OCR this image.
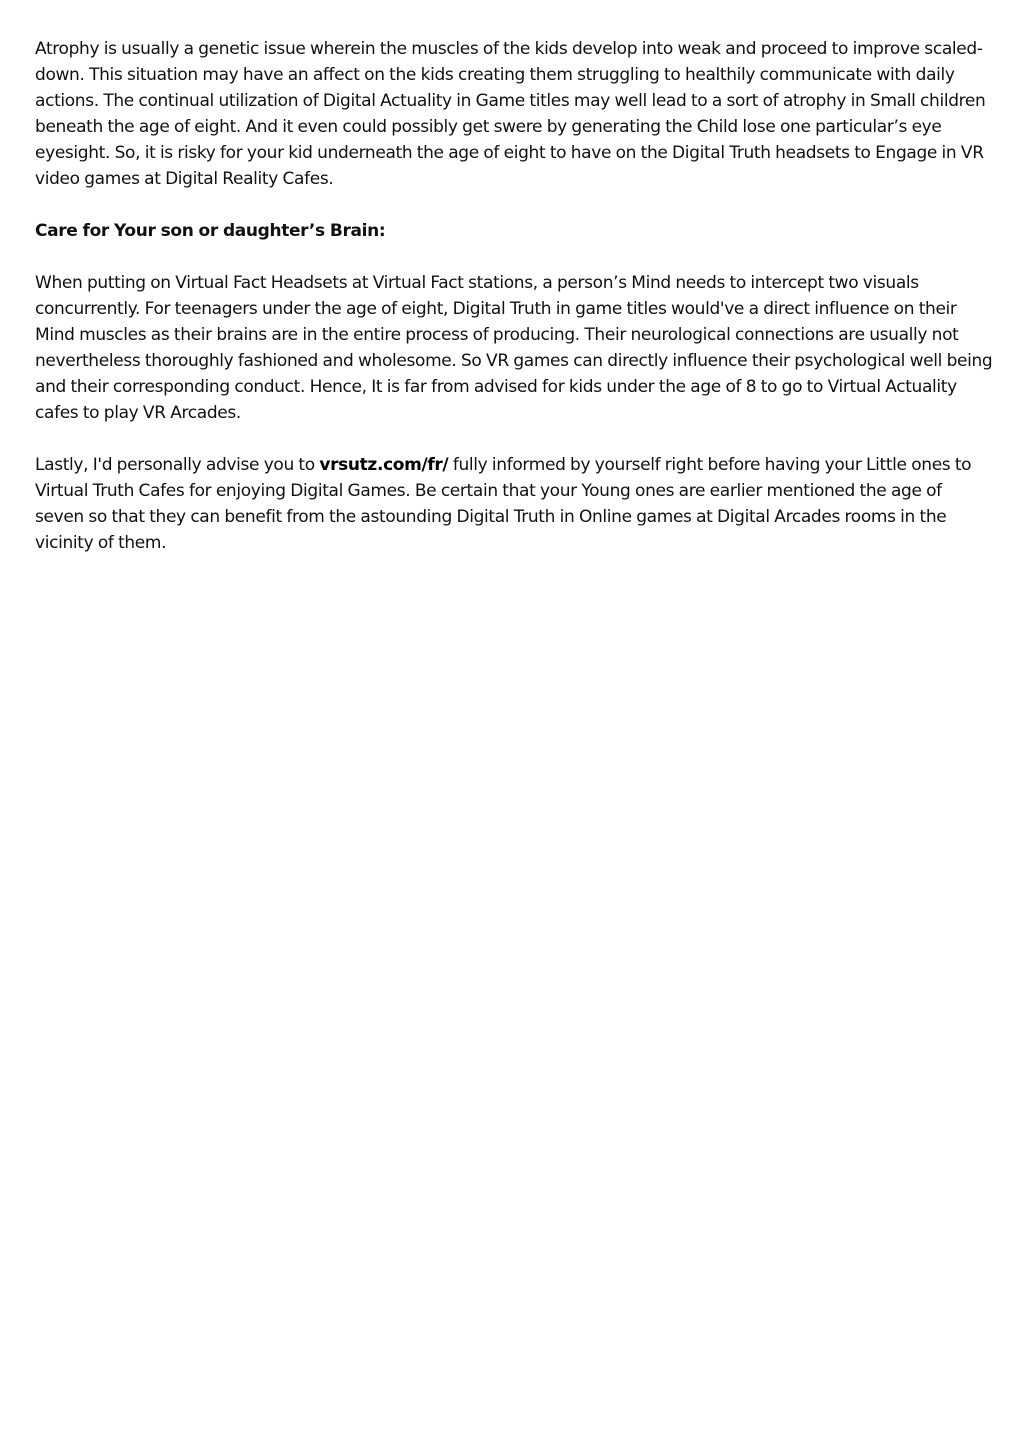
Atrophy is usually a genetic issue wherein the muscles of the kids develop into weak and proceed to improve scaled-down. This situation may have an affect on the kids creating them struggling to healthily communicate with daily actions. The continual utilization of Digital Actuality in Game titles may well lead to a sort of atrophy in Small children beneath the age of eight. And it even could possibly get swere by generating the Child lose one particular’s eye eyesight. So, it is risky for your kid underneath the age of eight to have on the Digital Truth headsets to Engage in VR video games at Digital Reality Cafes.

Care for Your son or daughter’s Brain:

When putting on Virtual Fact Headsets at Virtual Fact stations, a person’s Mind needs to intercept two visuals concurrently. For teenagers under the age of eight, Digital Truth in game titles would've a direct influence on their Mind muscles as their brains are in the entire process of producing. Their neurological connections are usually not nevertheless thoroughly fashioned and wholesome. So VR games can directly influence their psychological well being and their corresponding conduct. Hence, It is far from advised for kids under the age of 8 to go to Virtual Actuality cafes to play VR Arcades.

Lastly, I'd personally advise you to vrsutz.com/fr/ fully informed by yourself right before having your Little ones to Virtual Truth Cafes for enjoying Digital Games. Be certain that your Young ones are earlier mentioned the age of seven so that they can benefit from the astounding Digital Truth in Online games at Digital Arcades rooms in the vicinity of them.
